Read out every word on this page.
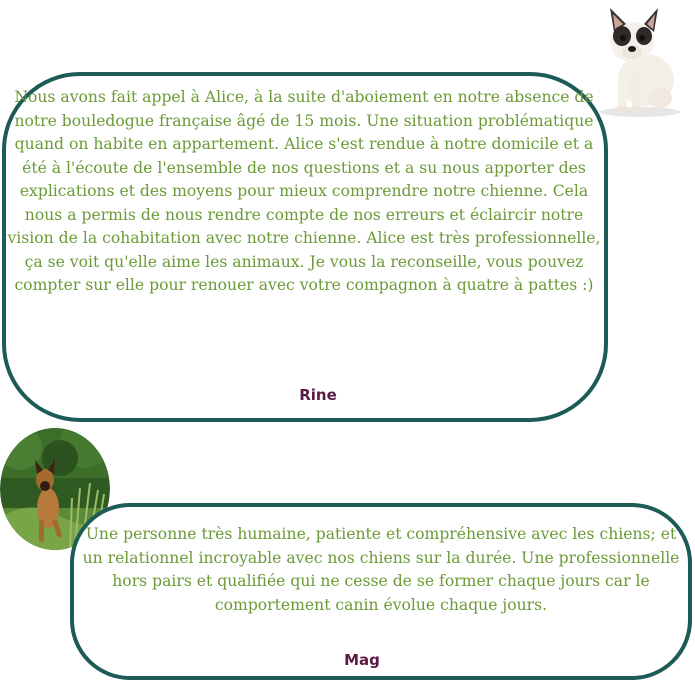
Nous avons fait appel à Alice, à la suite d'aboiement en notre absence de notre bouledogue française âgé de 15 mois. Une situation problématique quand on habite en appartement. Alice s'est rendue à notre domicile et a été à l'écoute de l'ensemble de nos questions et a su nous apporter des explications et des moyens pour mieux comprendre notre chienne. Cela nous a permis de nous rendre compte de nos erreurs et éclaircir notre vision de la cohabitation avec notre chienne. Alice est très professionnelle, ça se voit qu'elle aime les animaux. Je vous la reconseille, vous pouvez compter sur elle pour renouer avec votre compagnon à quatre à pattes :)

Rine

Une personne très humaine, patiente et compréhensive avec les chiens; et un relationnel incroyable avec nos chiens sur la durée. Une professionnelle hors pairs et qualifiée qui ne cesse de se former chaque jours car le comportement canin évolue chaque jours.

Mag
